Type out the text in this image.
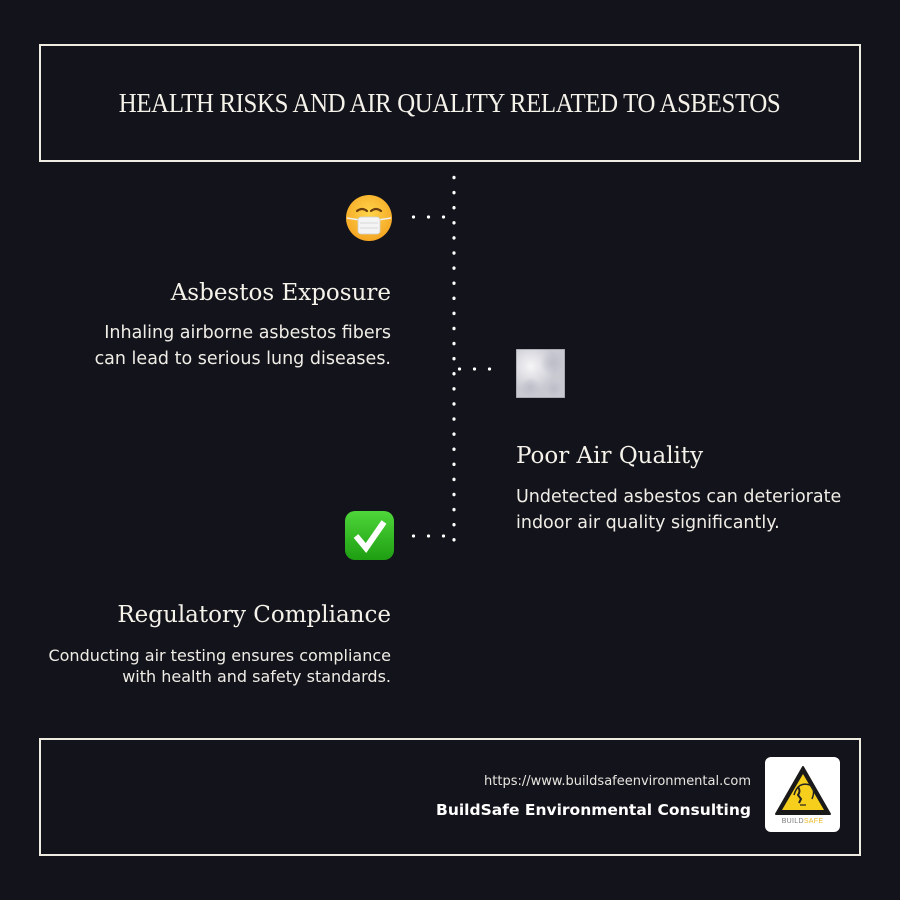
HEALTH RISKS AND AIR QUALITY RELATED TO ASBESTOS
Asbestos Exposure
Inhaling airborne asbestos fibers
can lead to serious lung diseases.
Poor Air Quality
Undetected asbestos can deteriorate
indoor air quality significantly.
Regulatory Compliance
Conducting air testing ensures compliance
with health and safety standards.
https://www.buildsafeenvironmental.com
BuildSafe Environmental Consulting
BUILDSAFE
